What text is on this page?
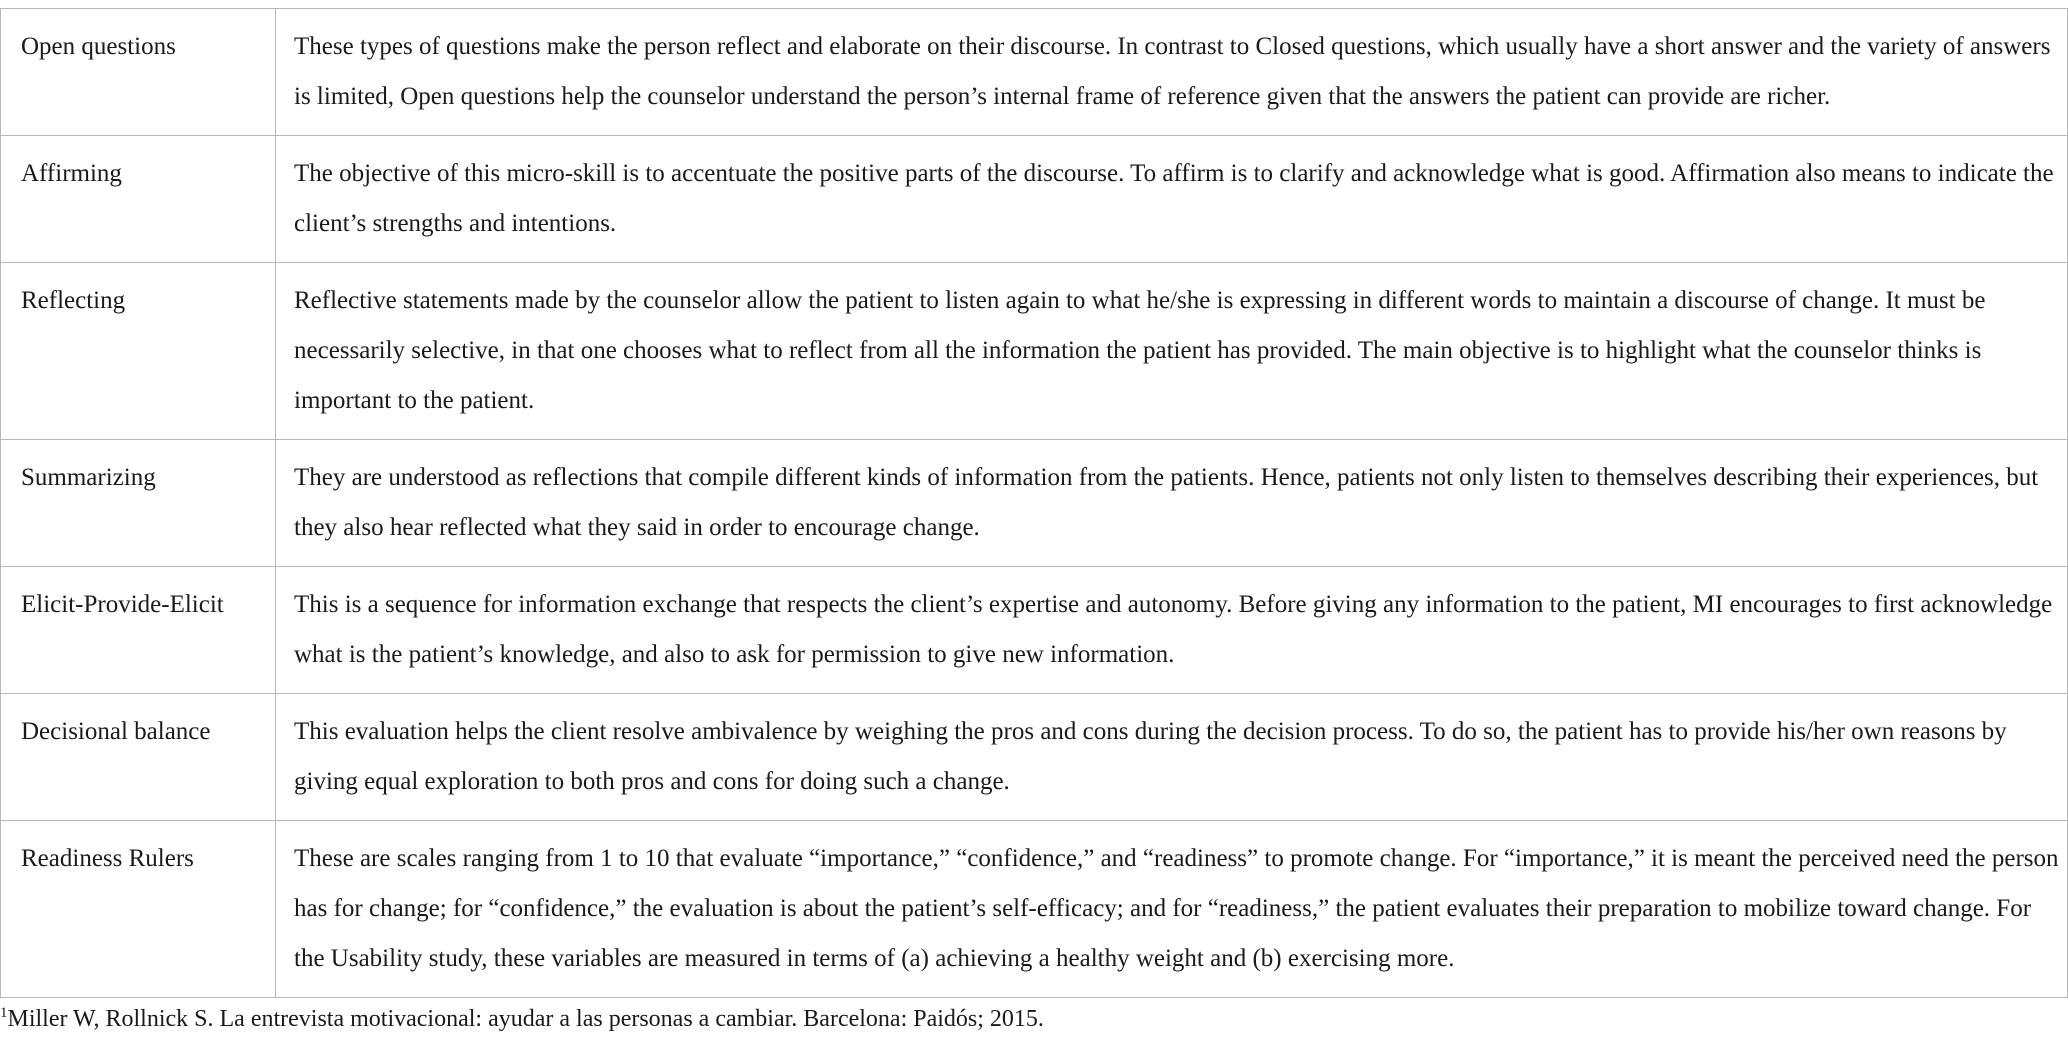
Open questions	These types of questions make the person reflect and elaborate on their discourse. In contrast to Closed questions, which usually have a short answer and the variety of answers is limited, Open questions help the counselor understand the person’s internal frame of reference given that the answers the patient can provide are richer.
Affirming	The objective of this micro-skill is to accentuate the positive parts of the discourse. To affirm is to clarify and acknowledge what is good. Affirmation also means to indicate the client’s strengths and intentions.
Reflecting	Reflective statements made by the counselor allow the patient to listen again to what he/she is expressing in different words to maintain a discourse of change. It must be necessarily selective, in that one chooses what to reflect from all the information the patient has provided. The main objective is to highlight what the counselor thinks is important to the patient.
Summarizing	They are understood as reflections that compile different kinds of information from the patients. Hence, patients not only listen to themselves describing their experiences, but they also hear reflected what they said in order to encourage change.
Elicit-Provide-Elicit	This is a sequence for information exchange that respects the client’s expertise and autonomy. Before giving any information to the patient, MI encourages to first acknowledge what is the patient’s knowledge, and also to ask for permission to give new information.
Decisional balance	This evaluation helps the client resolve ambivalence by weighing the pros and cons during the decision process. To do so, the patient has to provide his/her own reasons by giving equal exploration to both pros and cons for doing such a change.
Readiness Rulers	These are scales ranging from 1 to 10 that evaluate “importance,” “confidence,” and “readiness” to promote change. For “importance,” it is meant the perceived need the person has for change; for “confidence,” the evaluation is about the patient’s self-efficacy; and for “readiness,” the patient evaluates their preparation to mobilize toward change. For the Usability study, these variables are measured in terms of (a) achieving a healthy weight and (b) exercising more.
$^1$Miller W, Rollnick S. La entrevista motivacional: ayudar a las personas a cambiar. Barcelona: Paidós; 2015.
